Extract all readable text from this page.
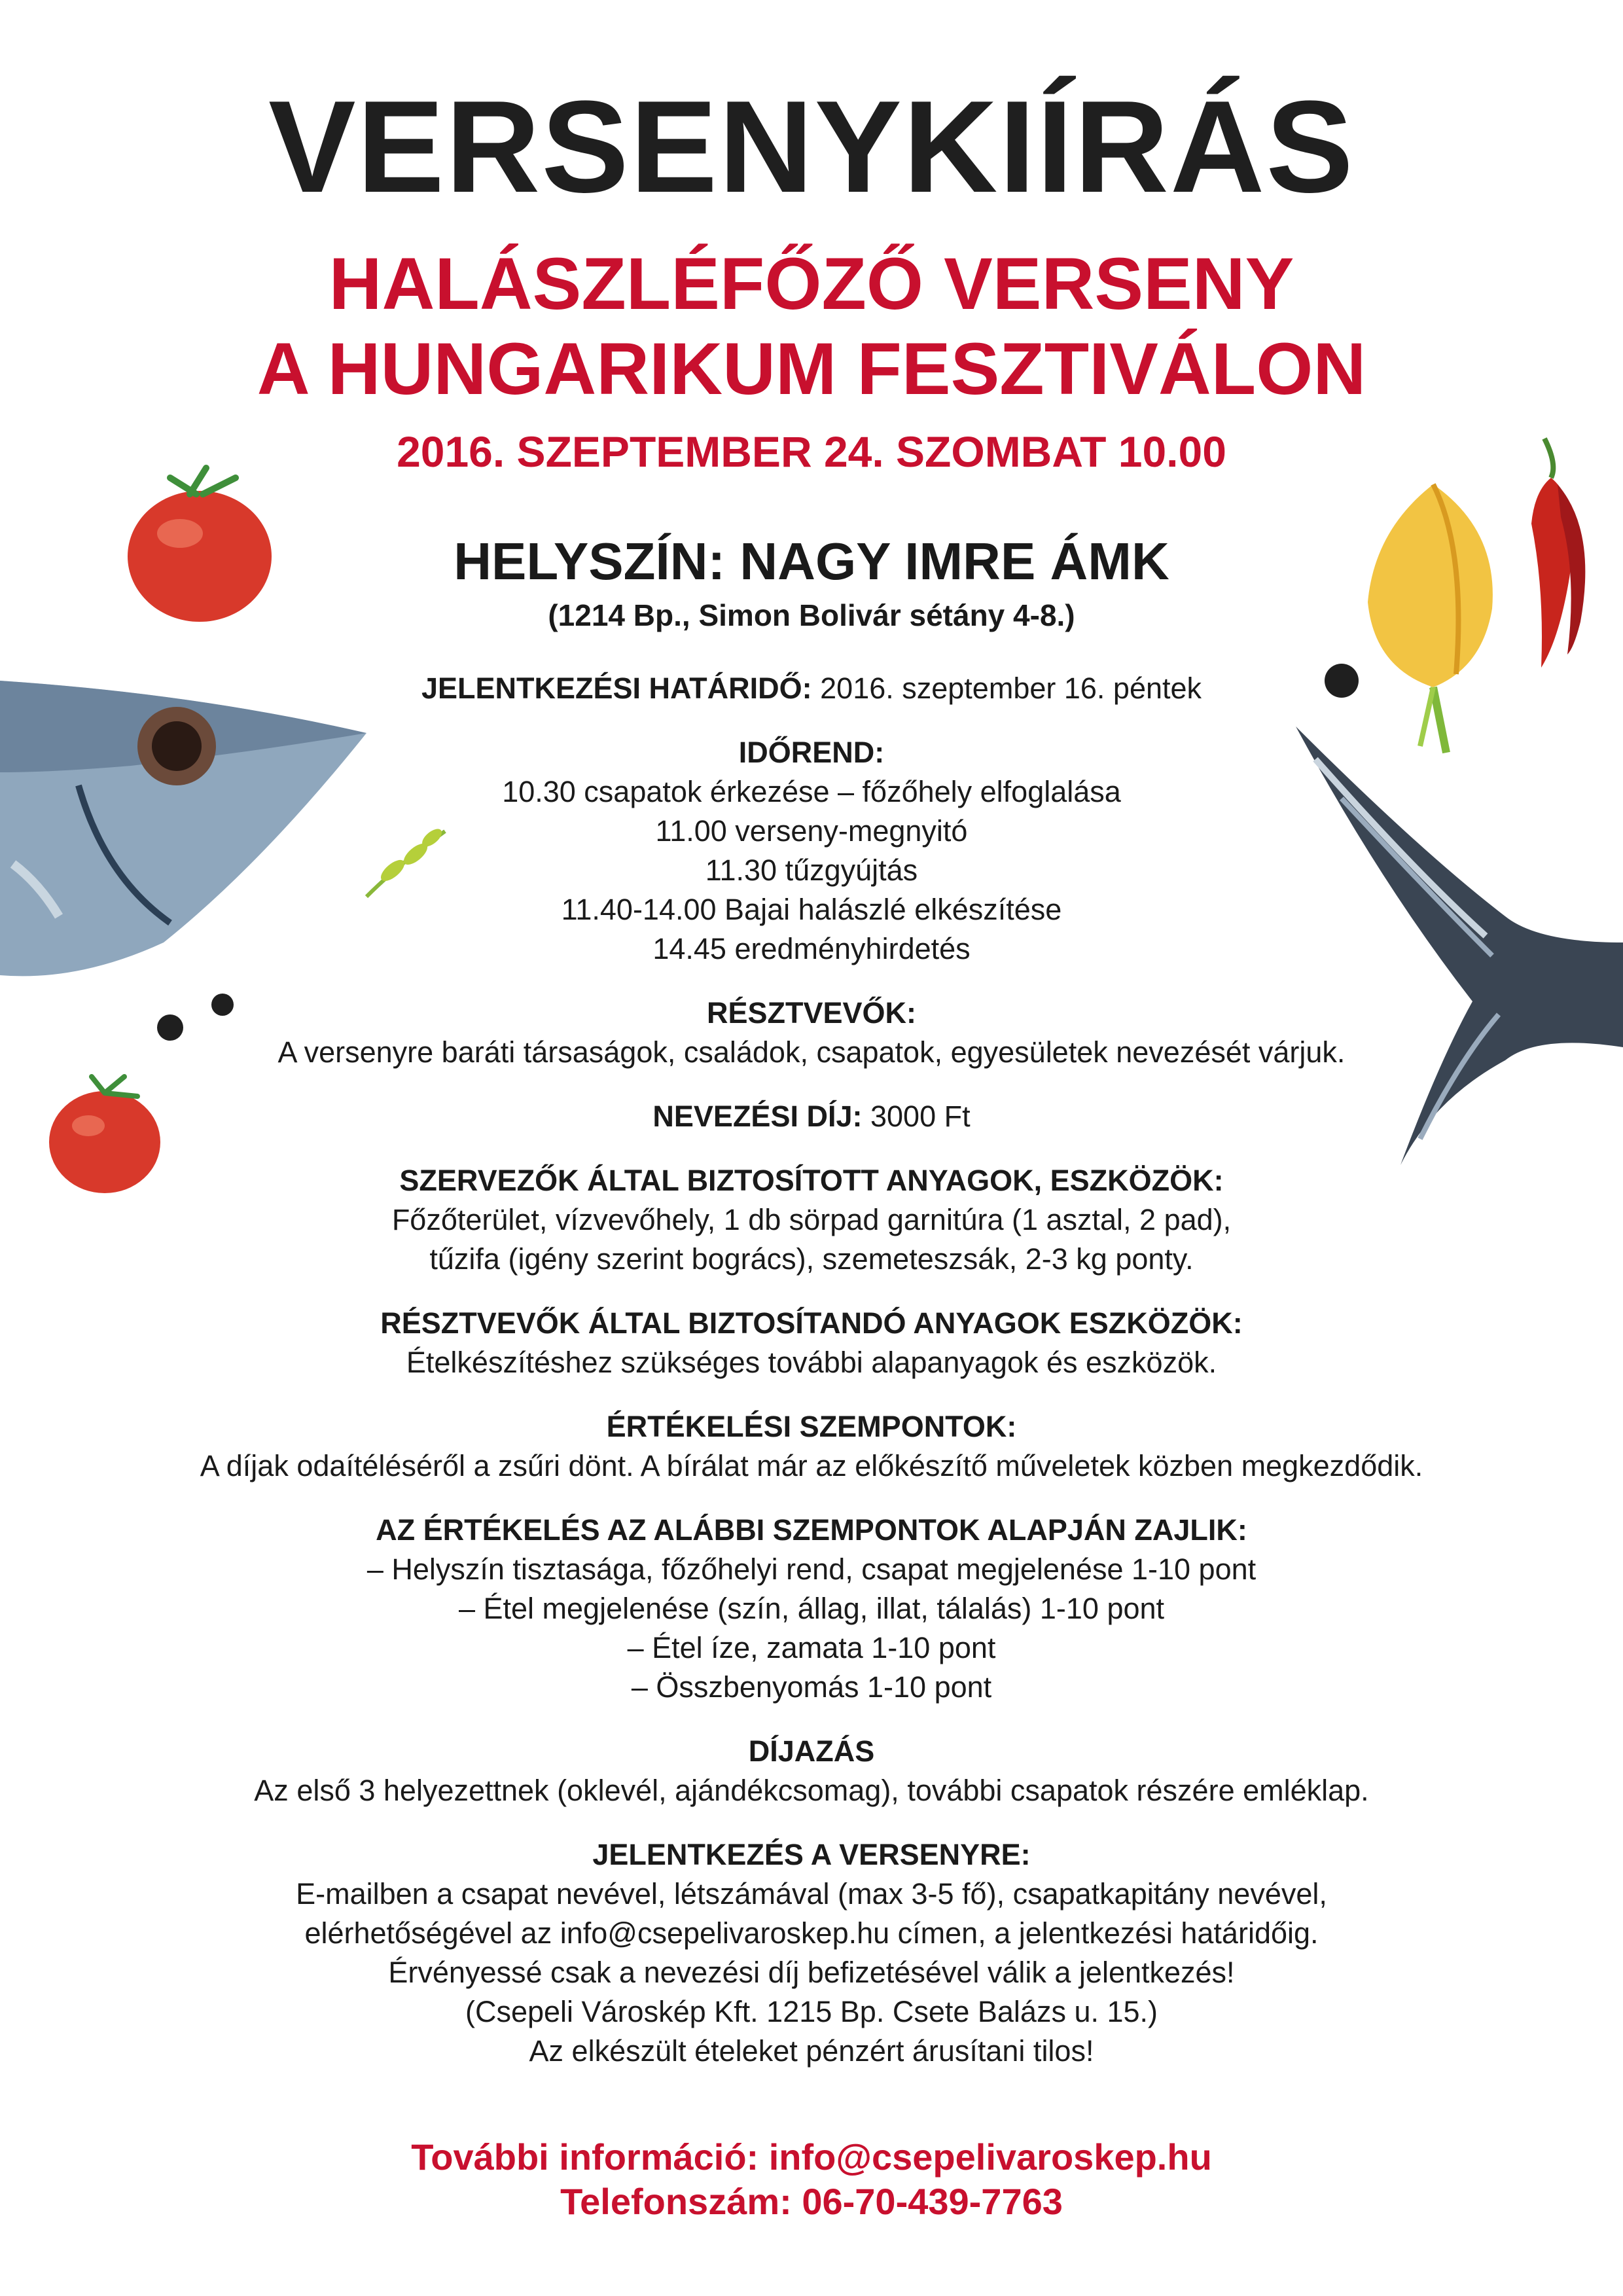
VERSENYKIÍRÁS
HALÁSZLÉFŐZŐ VERSENY
A HUNGARIKUM FESZTIVÁLON
2016. SZEPTEMBER 24. SZOMBAT 10.00
HELYSZÍN: NAGY IMRE ÁMK
(1214 Bp., Simon Bolivár sétány 4-8.)
JELENTKEZÉSI HATÁRIDŐ: 2016. szeptember 16. péntek
IDŐREND:
10.30 csapatok érkezése – főzőhely elfoglalása
11.00 verseny-megnyitó
11.30 tűzgyújtás
11.40-14.00 Bajai halászlé elkészítése
14.45 eredményhirdetés
RÉSZTVEVŐK:
A versenyre baráti társaságok, családok, csapatok, egyesületek nevezését várjuk.
NEVEZÉSI DÍJ: 3000 Ft
SZERVEZŐK ÁLTAL BIZTOSÍTOTT ANYAGOK, ESZKÖZÖK:
Főzőterület, vízvevőhely, 1 db sörpad garnitúra (1 asztal, 2 pad),
tűzifa (igény szerint bogrács), szemeteszsák, 2-3 kg ponty.
RÉSZTVEVŐK ÁLTAL BIZTOSÍTANDÓ ANYAGOK ESZKÖZÖK:
Ételkészítéshez szükséges további alapanyagok és eszközök.
ÉRTÉKELÉSI SZEMPONTOK:
A díjak odaítéléséről a zsűri dönt. A bírálat már az előkészítő műveletek közben megkezdődik.
AZ ÉRTÉKELÉS AZ ALÁBBI SZEMPONTOK ALAPJÁN ZAJLIK:
– Helyszín tisztasága, főzőhelyi rend, csapat megjelenése 1-10 pont
– Étel megjelenése (szín, állag, illat, tálalás) 1-10 pont
– Étel íze, zamata 1-10 pont
– Összbenyomás 1-10 pont
DÍJAZÁS
Az első 3 helyezettnek (oklevél, ajándékcsomag), további csapatok részére emléklap.
JELENTKEZÉS A VERSENYRE:
E-mailben a csapat nevével, létszámával (max 3-5 fő), csapatkapitány nevével,
elérhetőségével az info@csepelivaroskep.hu címen, a jelentkezési határidőig.
Érvényessé csak a nevezési díj befizetésével válik a jelentkezés!
(Csepeli Városkép Kft. 1215 Bp. Csete Balázs u. 15.)
Az elkészült ételeket pénzért árusítani tilos!
További információ: info@csepelivaroskep.hu
Telefonszám: 06-70-439-7763
